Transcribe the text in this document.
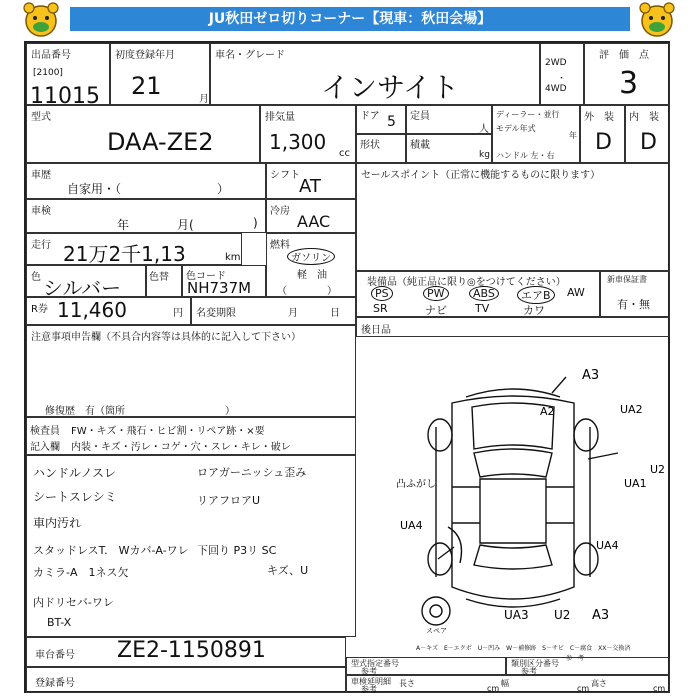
JU秋田ゼロ切りコーナー【現車：秋田会場】
出品番号
[2100]
11015
初度登録年月
21	月
車名・グレード
インサイト
2WD
・
4WD
評　価　点
3
型式
DAA-ZE2
排気量
1,300 cc
ドア 5 定員
人
形状	積載
kg
ディーラー・並行
モデル年式
年
ハンドル 左・右
外　装
D
内　装
D
車歴
自家用・（　　　　　　　　）
シフト
AT
車検
年	月(	)
冷房
AAC
走行 21万2千1,13	km
燃料
ガソリン
軽　油
（　　　　）
色 シルバー	色替 色コード
NH737M
R券 11,460	円 名変期限	月	日
セールスポイント（正常に機能するものに限ります）
装備品（純正品に限り◎をつけてください）
PS	PW	ABS	エアB	AW
SR	ナビ	TV	カワ
新車保証書
有・無
後日品
注意事項申告欄（不具合内容等は具体的に記入して下さい）
修復歴　有（箇所　　　　　　　　　　）
検査員
記入欄
FW・キズ・飛石・ヒビ割・リペア跡・×要
内装・キズ・汚レ・コゲ・穴・スレ・キレ・破レ
ハンドルノスレ
シートスレシミ
車内汚れ
スタッドレスT.　Wカバ-A-ワレ
カミラ-A　1ネス欠
内ドリセバ-ワレ
BT-X
ロアガーニッシュ歪み
リアフロアU
下回り P3リ SC
キズ、U
A3
A2	UA2
凸ふがし	UA1
U2
UA4
UA4
UA3 U2 A3
スペア
A－キズ　E－エクボ　U－凹み　W－補修跡　S－サビ　C－腐食　XX－交換済
参　考
車台番号 ZE2-1150891
登録番号
型式指定番号
参考
類別区分番号
参考
車検延明細
参考
長さ
cm
幅
cm
高さ
cm
